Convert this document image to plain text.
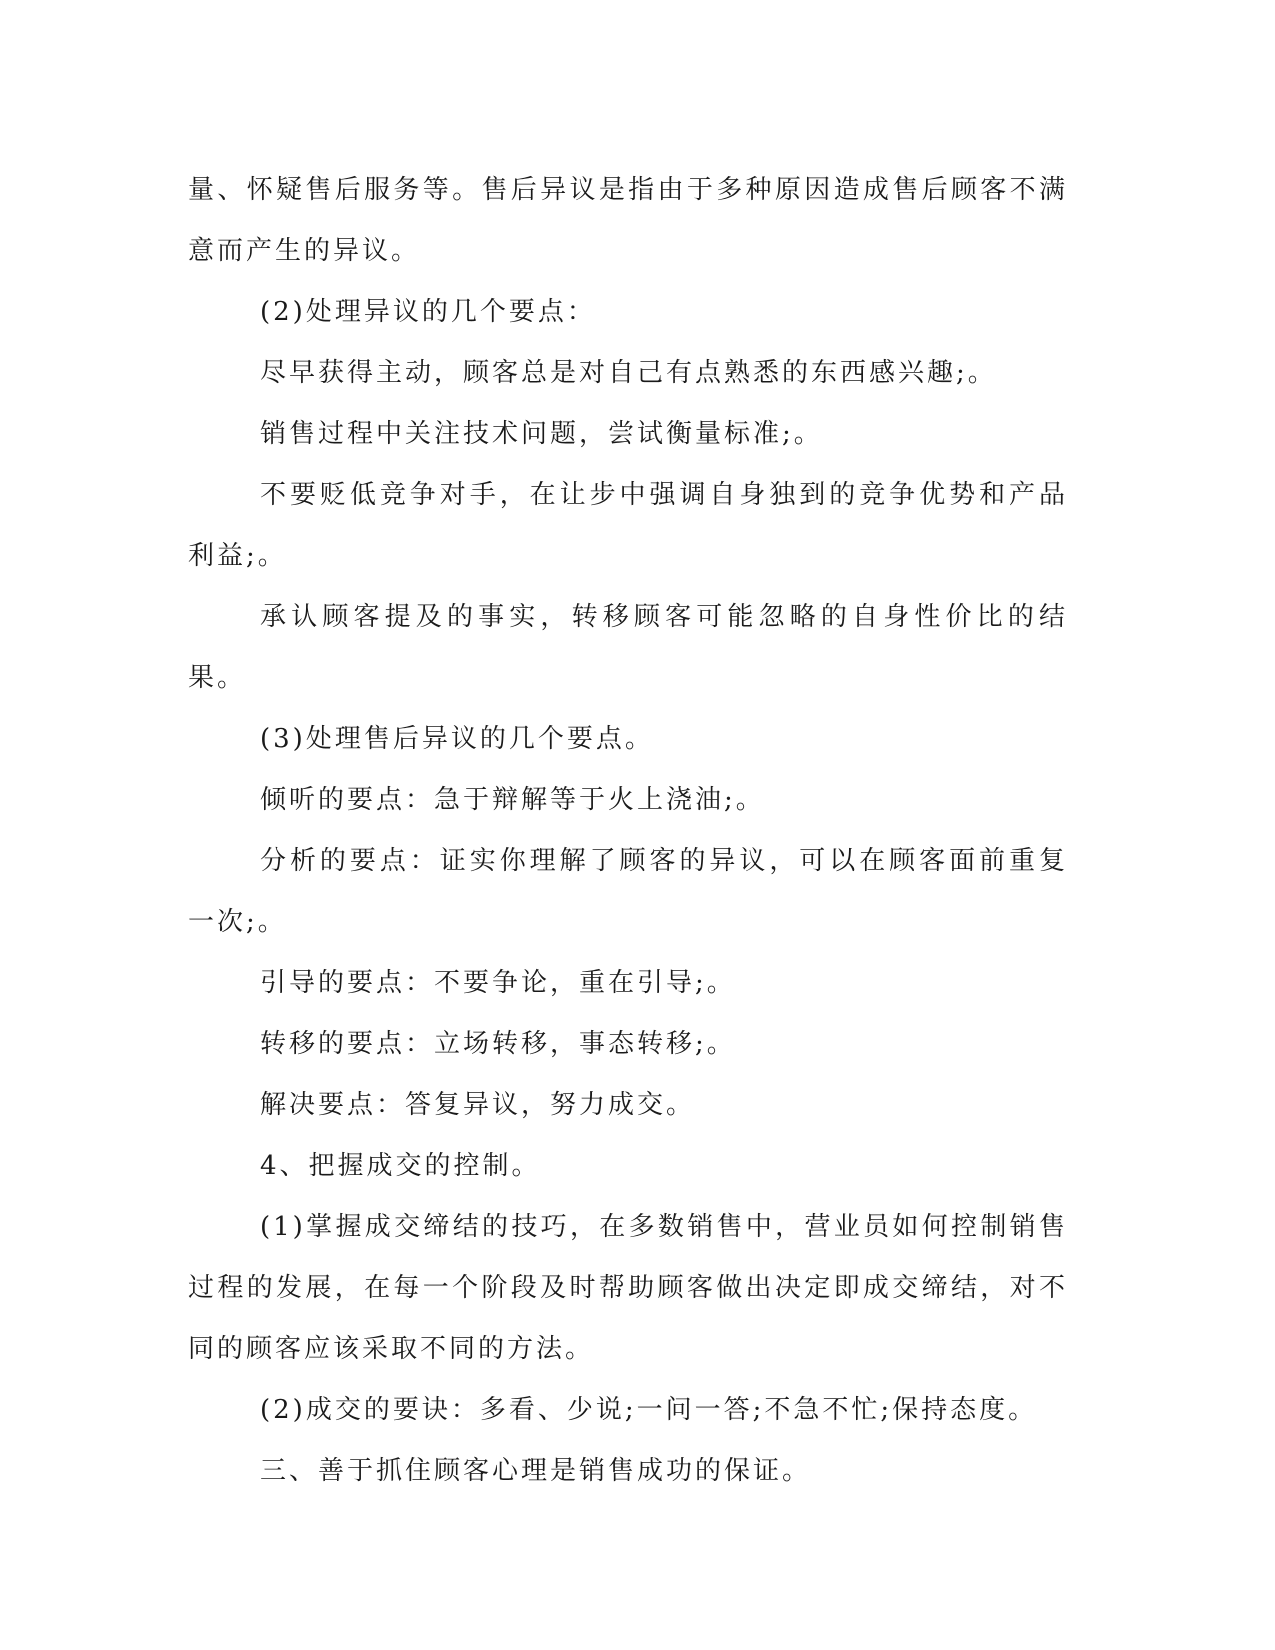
量、怀疑售后服务等。售后异议是指由于多种原因造成售后顾客不满意而产生的异议。

(2)处理异议的几个要点：

尽早获得主动，顾客总是对自己有点熟悉的东西感兴趣;。

销售过程中关注技术问题，尝试衡量标准;。

不要贬低竞争对手，在让步中强调自身独到的竞争优势和产品利益;。

承认顾客提及的事实，转移顾客可能忽略的自身性价比的结果。

(3)处理售后异议的几个要点。

倾听的要点：急于辩解等于火上浇油;。

分析的要点：证实你理解了顾客的异议，可以在顾客面前重复一次;。

引导的要点：不要争论，重在引导;。

转移的要点：立场转移，事态转移;。

解决要点：答复异议，努力成交。

4、把握成交的控制。

(1)掌握成交缔结的技巧，在多数销售中，营业员如何控制销售过程的发展，在每一个阶段及时帮助顾客做出决定即成交缔结，对不同的顾客应该采取不同的方法。

(2)成交的要诀：多看、少说;一问一答;不急不忙;保持态度。

三、善于抓住顾客心理是销售成功的保证。
